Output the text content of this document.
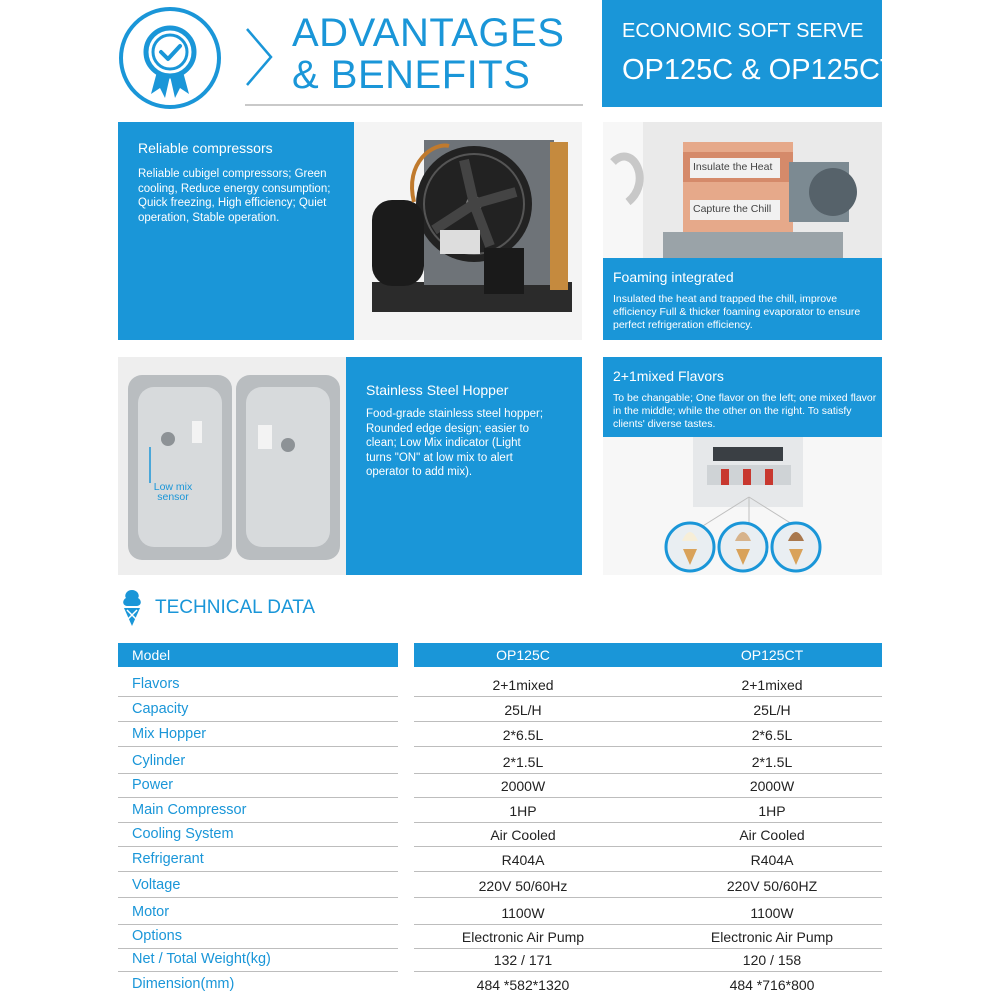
ADVANTAGES
& BENEFITS
ECONOMIC SOFT SERVE
OP125C & OP125CT
Reliable compressors
Reliable cubigel compressors; Green cooling, Reduce energy consumption; Quick freezing, High efficiency; Quiet operation, Stable operation.
Insulate the Heat
Capture the Chill
Foaming integrated
Insulated the heat and trapped the chill, improve efficiency Full & thicker foaming evaporator to ensure perfect refrigeration efficiency.
Low mix sensor
Stainless Steel Hopper
Food-grade stainless steel hopper; Rounded edge design; easier to clean; Low Mix indicator (Light turns "ON" at low mix to alert operator to add mix).
2+1mixed Flavors
To be changable; One flavor on the left; one mixed flavor in the middle; while the other on the right. To satisfy clients' diverse tastes.
TECHNICAL DATA
Model	OP125C	OP125CT
Flavors	2+1mixed	2+1mixed
Capacity	25L/H	25L/H
Mix Hopper	2*6.5L	2*6.5L
Cylinder	2*1.5L	2*1.5L
Power	2000W	2000W
Main Compressor	1HP	1HP
Cooling System	Air Cooled	Air Cooled
Refrigerant	R404A	R404A
Voltage	220V 50/60Hz	220V 50/60HZ
Motor	1100W	1100W
Options	Electronic Air Pump	Electronic Air Pump
Net / Total Weight(kg)	132 / 171	120 / 158
Dimension(mm)	484 *582*1320	484 *716*800
